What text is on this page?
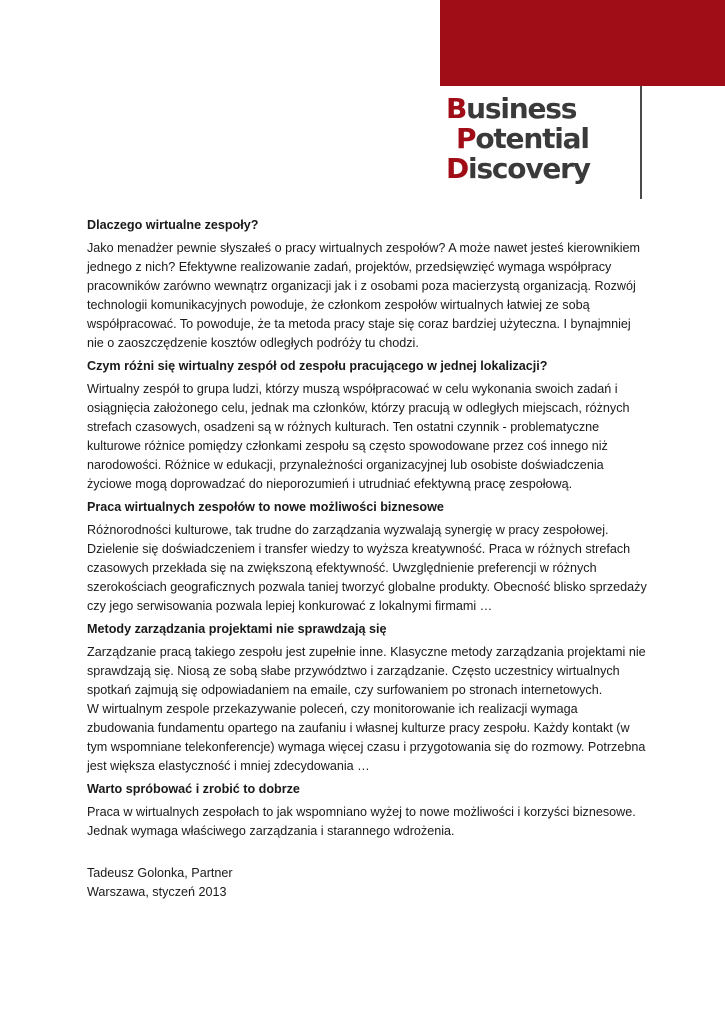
Business
Potential
Discovery

Dlaczego wirtualne zespoły?

Jako menadżer pewnie słyszałeś o pracy wirtualnych zespołów? A może nawet jesteś kierownikiem jednego z nich? Efektywne realizowanie zadań, projektów, przedsięwzięć wymaga współpracy pracowników zarówno wewnątrz organizacji jak i z osobami poza macierzystą organizacją. Rozwój technologii komunikacyjnych powoduje, że członkom zespołów wirtualnych łatwiej ze sobą współpracować. To powoduje, że ta metoda pracy staje się coraz bardziej użyteczna. I bynajmniej nie o zaoszczędzenie kosztów odległych podróży tu chodzi.

Czym różni się wirtualny zespół od zespołu pracującego w jednej lokalizacji?

Wirtualny zespół to grupa ludzi, którzy muszą współpracować w celu wykonania swoich zadań i osiągnięcia założonego celu, jednak ma członków, którzy pracują w odległych miejscach, różnych strefach czasowych, osadzeni są w różnych kulturach. Ten ostatni czynnik - problematyczne kulturowe różnice pomiędzy członkami zespołu są często spowodowane przez coś innego niż narodowości. Różnice w edukacji, przynależności organizacyjnej lub osobiste doświadczenia życiowe mogą doprowadzać do nieporozumień i utrudniać efektywną pracę zespołową.

Praca wirtualnych zespołów to nowe możliwości biznesowe

Różnorodności kulturowe, tak trudne do zarządzania wyzwalają synergię w pracy zespołowej. Dzielenie się doświadczeniem i transfer wiedzy to wyższa kreatywność. Praca w różnych strefach czasowych przekłada się na zwiększoną efektywność. Uwzględnienie preferencji w różnych szerokościach geograficznych pozwala taniej tworzyć globalne produkty. Obecność blisko sprzedaży czy jego serwisowania pozwala lepiej konkurować z lokalnymi firmami …

Metody zarządzania projektami nie sprawdzają się

Zarządzanie pracą takiego zespołu jest zupełnie inne. Klasyczne metody zarządzania projektami nie sprawdzają się. Niosą ze sobą słabe przywództwo i zarządzanie. Często uczestnicy wirtualnych spotkań zajmują się odpowiadaniem na emaile, czy surfowaniem po stronach internetowych.

W wirtualnym zespole przekazywanie poleceń, czy monitorowanie ich realizacji wymaga zbudowania fundamentu opartego na zaufaniu i własnej kulturze pracy zespołu. Każdy kontakt (w tym wspomniane telekonferencje) wymaga więcej czasu i przygotowania się do rozmowy. Potrzebna jest większa elastyczność i mniej zdecydowania …

Warto spróbować i zrobić to dobrze

Praca w wirtualnych zespołach to jak wspomniano wyżej to nowe możliwości i korzyści biznesowe. Jednak wymaga właściwego zarządzania i starannego wdrożenia.

Tadeusz Golonka, Partner

Warszawa, styczeń 2013
